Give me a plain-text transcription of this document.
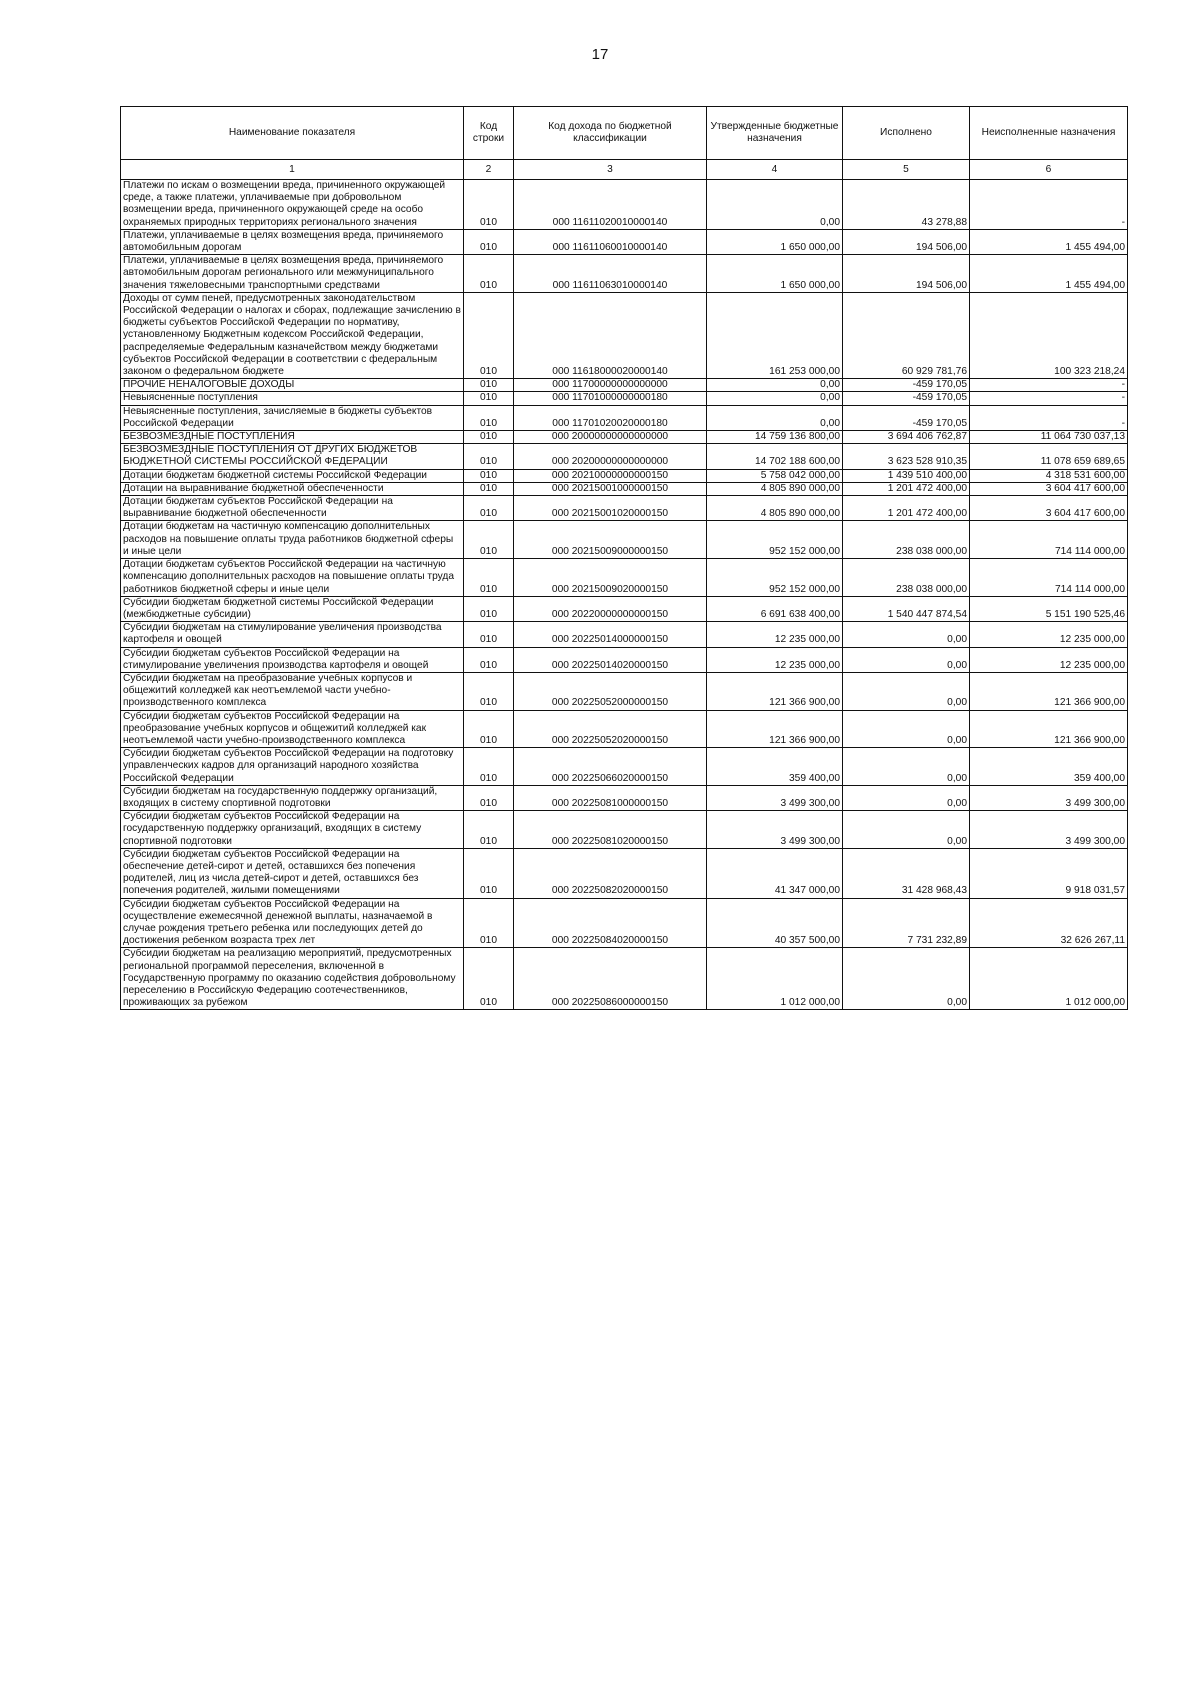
17
Наименование показателя	Код строки	Код дохода по бюджетной классификации	Утвержденные бюджетные назначения	Исполнено	Неисполненные назначения
1	2	3	4	5	6
Платежи по искам о возмещении вреда, причиненного окружающей среде, а также платежи, уплачиваемые при добровольном возмещении вреда, причиненного окружающей среде на особо охраняемых природных территориях регионального значения	010	000 11611020010000140	0,00	43 278,88	-
Платежи, уплачиваемые в целях возмещения вреда, причиняемого автомобильным дорогам	010	000 11611060010000140	1 650 000,00	194 506,00	1 455 494,00
Платежи, уплачиваемые в целях возмещения вреда, причиняемого автомобильным дорогам регионального или межмуниципального значения тяжеловесными транспортными средствами	010	000 11611063010000140	1 650 000,00	194 506,00	1 455 494,00
Доходы от сумм пеней, предусмотренных законодательством Российской Федерации о налогах и сборах, подлежащие зачислению в бюджеты субъектов Российской Федерации по нормативу, установленному Бюджетным кодексом Российской Федерации, распределяемые Федеральным казначейством между бюджетами субъектов Российской Федерации в соответствии с федеральным законом о федеральном бюджете	010	000 11618000020000140	161 253 000,00	60 929 781,76	100 323 218,24
ПРОЧИЕ НЕНАЛОГОВЫЕ ДОХОДЫ	010	000 11700000000000000	0,00	-459 170,05	-
Невыясненные поступления	010	000 11701000000000180	0,00	-459 170,05	-
Невыясненные поступления, зачисляемые в бюджеты субъектов Российской Федерации	010	000 11701020020000180	0,00	-459 170,05	-
БЕЗВОЗМЕЗДНЫЕ ПОСТУПЛЕНИЯ	010	000 20000000000000000	14 759 136 800,00	3 694 406 762,87	11 064 730 037,13
БЕЗВОЗМЕЗДНЫЕ ПОСТУПЛЕНИЯ ОТ ДРУГИХ БЮДЖЕТОВ БЮДЖЕТНОЙ СИСТЕМЫ РОССИЙСКОЙ ФЕДЕРАЦИИ	010	000 20200000000000000	14 702 188 600,00	3 623 528 910,35	11 078 659 689,65
Дотации бюджетам бюджетной системы Российской Федерации	010	000 20210000000000150	5 758 042 000,00	1 439 510 400,00	4 318 531 600,00
Дотации на выравнивание бюджетной обеспеченности	010	000 20215001000000150	4 805 890 000,00	1 201 472 400,00	3 604 417 600,00
Дотации бюджетам субъектов Российской Федерации на выравнивание бюджетной обеспеченности	010	000 20215001020000150	4 805 890 000,00	1 201 472 400,00	3 604 417 600,00
Дотации бюджетам на частичную компенсацию дополнительных расходов на повышение оплаты труда работников бюджетной сферы и иные цели	010	000 20215009000000150	952 152 000,00	238 038 000,00	714 114 000,00
Дотации бюджетам субъектов Российской Федерации на частичную компенсацию дополнительных расходов на повышение оплаты труда работников бюджетной сферы и иные цели	010	000 20215009020000150	952 152 000,00	238 038 000,00	714 114 000,00
Субсидии бюджетам бюджетной системы Российской Федерации (межбюджетные субсидии)	010	000 20220000000000150	6 691 638 400,00	1 540 447 874,54	5 151 190 525,46
Субсидии бюджетам на стимулирование увеличения производства картофеля и овощей	010	000 20225014000000150	12 235 000,00	0,00	12 235 000,00
Субсидии бюджетам субъектов Российской Федерации на стимулирование увеличения производства картофеля и овощей	010	000 20225014020000150	12 235 000,00	0,00	12 235 000,00
Субсидии бюджетам на преобразование учебных корпусов и общежитий колледжей как неотъемлемой части учебно-производственного комплекса	010	000 20225052000000150	121 366 900,00	0,00	121 366 900,00
Субсидии бюджетам субъектов Российской Федерации на преобразование учебных корпусов и общежитий колледжей как неотъемлемой части учебно-производственного комплекса	010	000 20225052020000150	121 366 900,00	0,00	121 366 900,00
Субсидии бюджетам субъектов Российской Федерации на подготовку управленческих кадров для организаций народного хозяйства Российской Федерации	010	000 20225066020000150	359 400,00	0,00	359 400,00
Субсидии бюджетам на государственную поддержку организаций, входящих в систему спортивной подготовки	010	000 20225081000000150	3 499 300,00	0,00	3 499 300,00
Субсидии бюджетам субъектов Российской Федерации на государственную поддержку организаций, входящих в систему спортивной подготовки	010	000 20225081020000150	3 499 300,00	0,00	3 499 300,00
Субсидии бюджетам субъектов Российской Федерации на обеспечение детей-сирот и детей, оставшихся без попечения родителей, лиц из числа детей-сирот и детей, оставшихся без попечения родителей, жилыми помещениями	010	000 20225082020000150	41 347 000,00	31 428 968,43	9 918 031,57
Субсидии бюджетам субъектов Российской Федерации на осуществление ежемесячной денежной выплаты, назначаемой в случае рождения третьего ребенка или последующих детей до достижения ребенком возраста трех лет	010	000 20225084020000150	40 357 500,00	7 731 232,89	32 626 267,11
Субсидии бюджетам на реализацию мероприятий, предусмотренных региональной программой переселения, включенной в Государственную программу по оказанию содействия добровольному переселению в Российскую Федерацию соотечественников, проживающих за рубежом	010	000 20225086000000150	1 012 000,00	0,00	1 012 000,00
